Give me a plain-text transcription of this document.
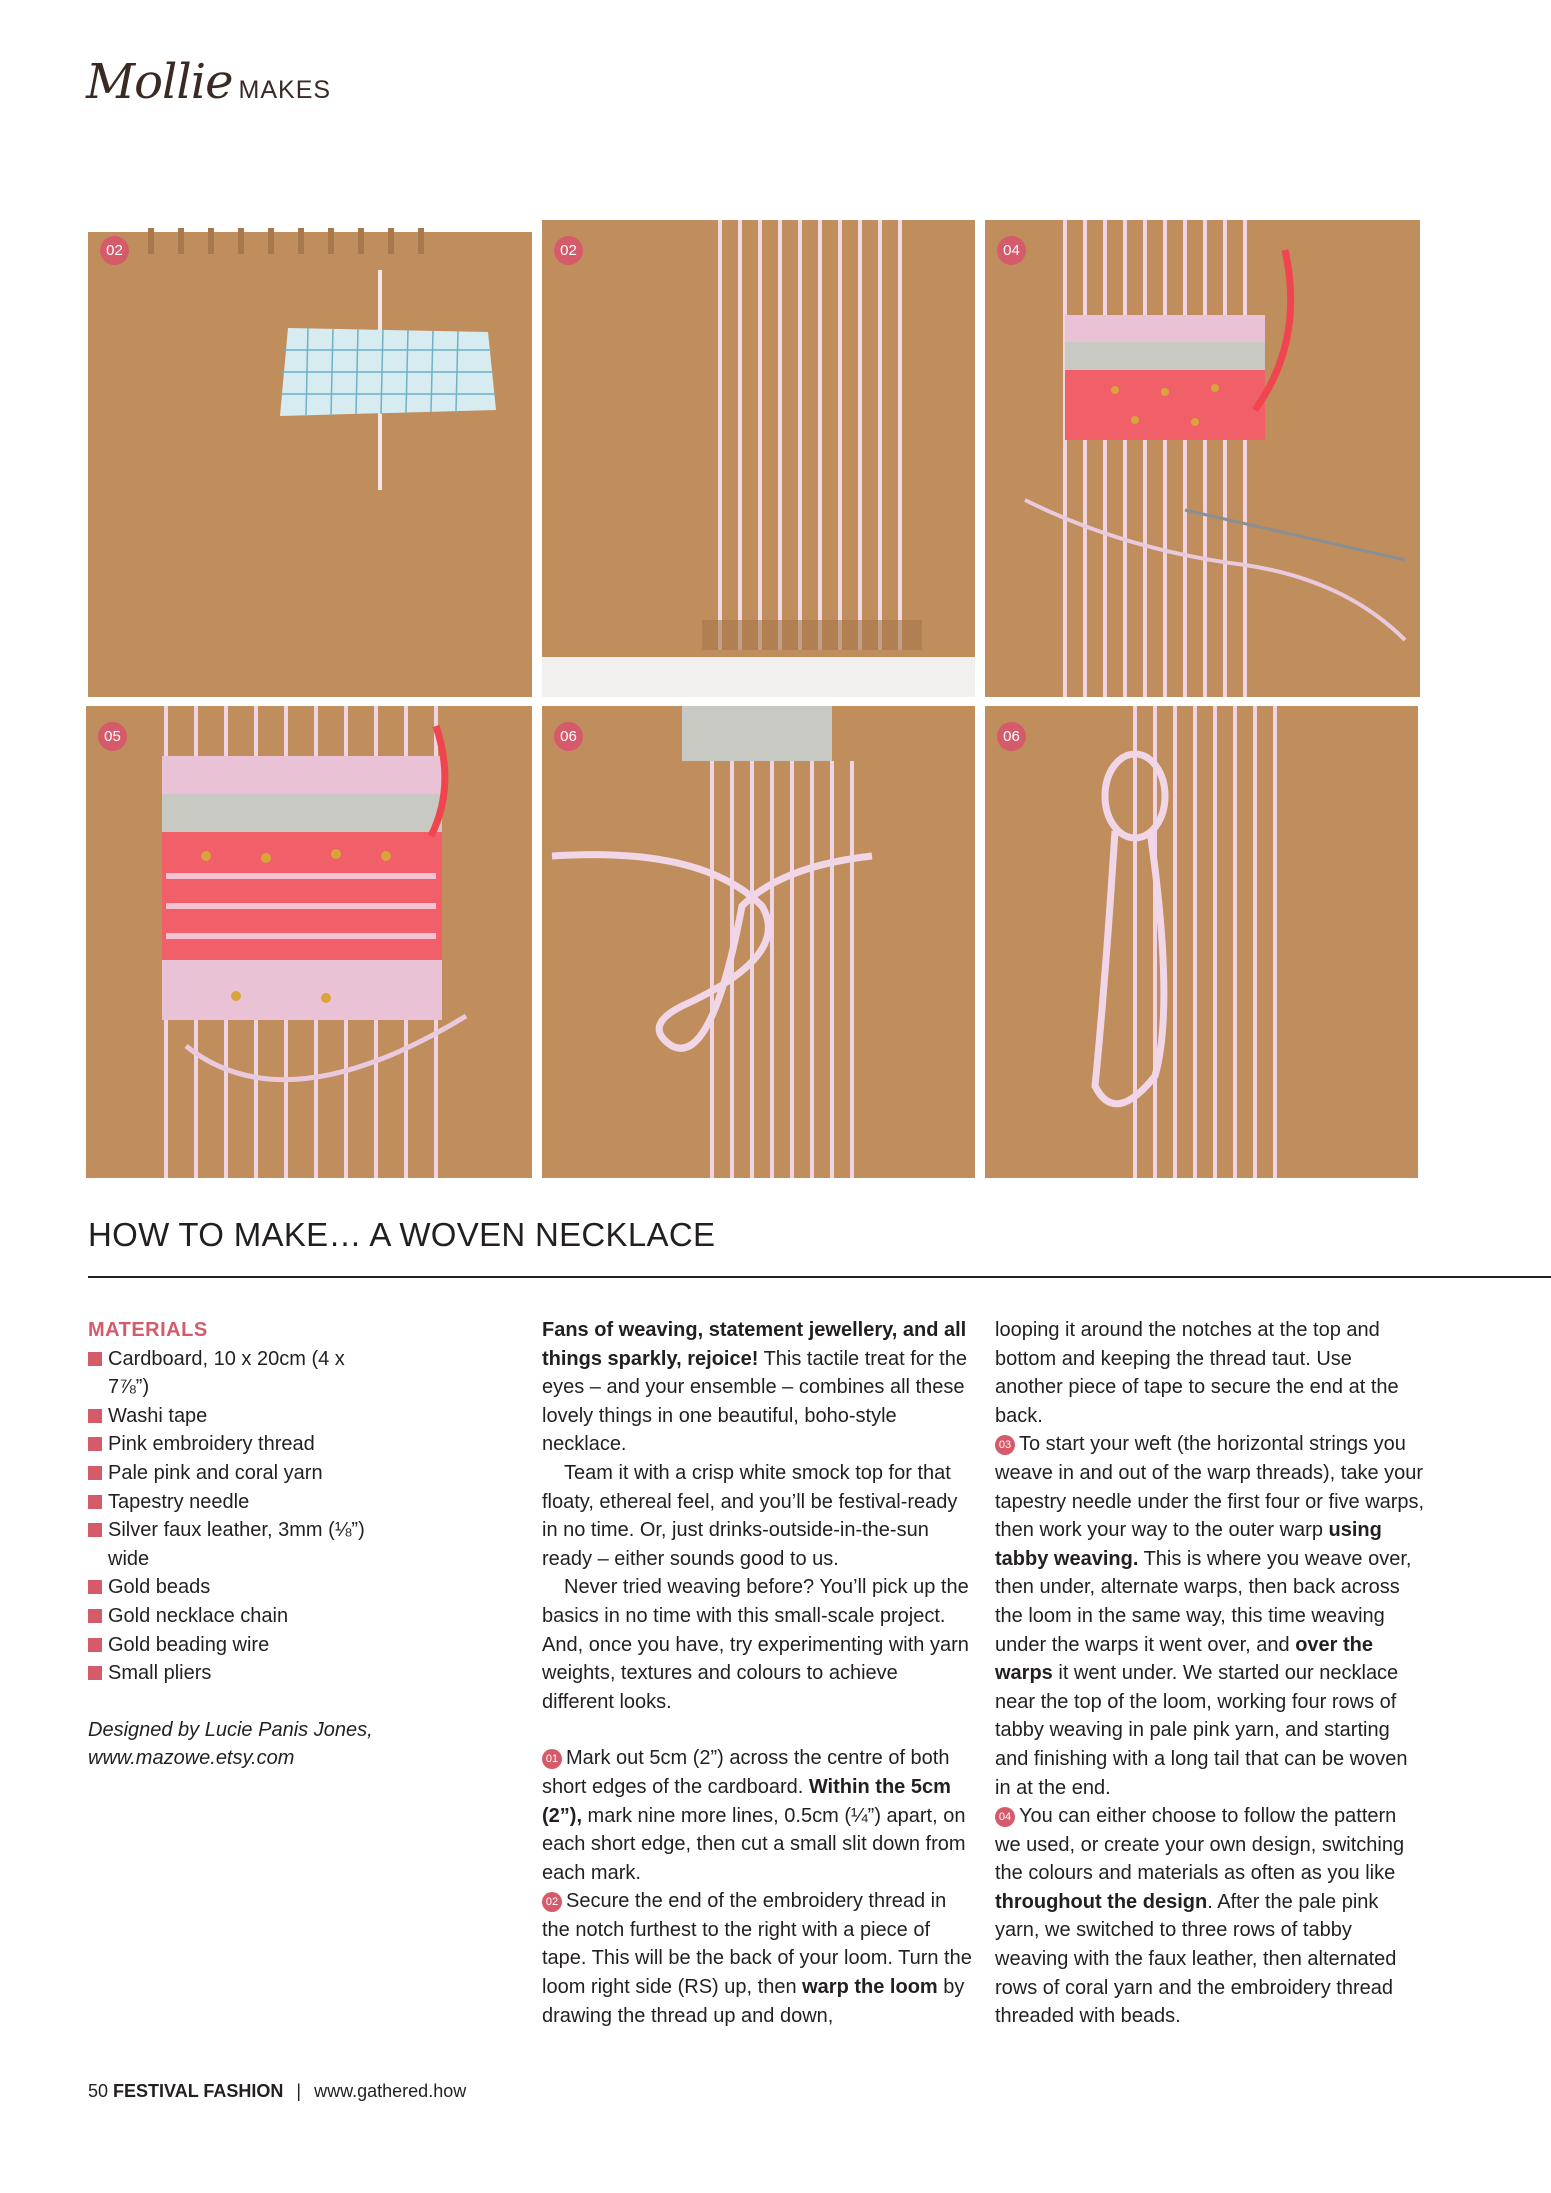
Mollie MAKES
02	02	04
05	06	06
HOW TO MAKE… A WOVEN NECKLACE

MATERIALS

Cardboard, 10 x 20cm (4 x 7⅞”)
Washi tape
Pink embroidery thread
Pale pink and coral yarn
Tapestry needle
Silver faux leather, 3mm (⅛”) wide
Gold beads
Gold necklace chain
Gold beading wire
Small pliers

Designed by Lucie Panis Jones, www.mazowe.etsy.com

Fans of weaving, statement jewellery, and all things sparkly, rejoice! This tactile treat for the eyes – and your ensemble – combines all these lovely things in one beautiful, boho-style necklace.

Team it with a crisp white smock top for that floaty, ethereal feel, and you’ll be festival-ready in no time. Or, just drinks-outside-in-the-sun ready – either sounds good to us.

Never tried weaving before? You’ll pick up the basics in no time with this small-scale project. And, once you have, try experimenting with yarn weights, textures and colours to achieve different looks.

01 Mark out 5cm (2”) across the centre of both short edges of the cardboard. Within the 5cm (2”), mark nine more lines, 0.5cm (¼”) apart, on each short edge, then cut a small slit down from each mark.

02 Secure the end of the embroidery thread in the notch furthest to the right with a piece of tape. This will be the back of your loom. Turn the loom right side (RS) up, then warp the loom by drawing the thread up and down,

looping it around the notches at the top and bottom and keeping the thread taut. Use another piece of tape to secure the end at the back.

03 To start your weft (the horizontal strings you weave in and out of the warp threads), take your tapestry needle under the first four or five warps, then work your way to the outer warp using tabby weaving. This is where you weave over, then under, alternate warps, then back across the loom in the same way, this time weaving under the warps it went over, and over the warps it went under. We started our necklace near the top of the loom, working four rows of tabby weaving in pale pink yarn, and starting and finishing with a long tail that can be woven in at the end.

04 You can either choose to follow the pattern we used, or create your own design, switching the colours and materials as often as you like throughout the design. After the pale pink yarn, we switched to three rows of tabby weaving with the faux leather, then alternated rows of coral yarn and the embroidery thread threaded with beads.

50 FESTIVAL FASHION | www.gathered.how
